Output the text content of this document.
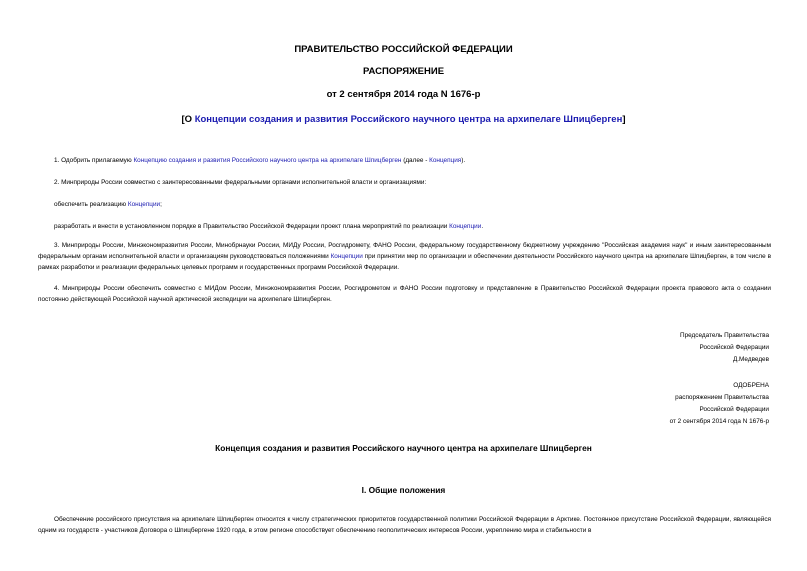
ПРАВИТЕЛЬСТВО РОССИЙСКОЙ ФЕДЕРАЦИИ
РАСПОРЯЖЕНИЕ
от 2 сентября 2014 года N 1676-р
[О Концепции создания и развития Российского научного центра на архипелаге Шпицберген]
1. Одобрить прилагаемую Концепцию создания и развития Российского научного центра на архипелаге Шпицберген (далее - Концепция).
2. Минприроды России совместно с заинтересованными федеральными органами исполнительной власти и организациями:
обеспечить реализацию Концепции;
разработать и внести в установленном порядке в Правительство Российской Федерации проект плана мероприятий по реализации Концепции.
3. Минприроды России, Минэкономразвития России, Минобрнауки России, МИДу России, Росгидромету, ФАНО России, федеральному государственному бюджетному учреждению "Российская академия наук" и иным заинтересованным федеральным органам исполнительной власти и организациям руководствоваться положениями Концепции при принятии мер по организации и обеспечении деятельности Российского научного центра на архипелаге Шпицберген, в том числе в рамках разработки и реализации федеральных целевых программ и государственных программ Российской Федерации.
4. Минприроды России обеспечить совместно с МИДом России, Минэкономразвития России, Росгидрометом и ФАНО России подготовку и представление в Правительство Российской Федерации проекта правового акта о создании постоянно действующей Российской научной арктической экспедиции на архипелаге Шпицберген.
Председатель Правительства
Российской Федерации
Д.Медведев
ОДОБРЕНА
распоряжением Правительства
Российской Федерации
от 2 сентября 2014 года N 1676-р
Концепция создания и развития Российского научного центра на архипелаге Шпицберген
I. Общие положения
Обеспечение российского присутствия на архипелаге Шпицберген относится к числу стратегических приоритетов государственной политики Российской Федерации в Арктике. Постоянное присутствие Российской Федерации, являющейся одним из государств - участников Договора о Шпицбергене 1920 года, в этом регионе способствует обеспечению геополитических интересов России, укреплению мира и стабильности в
